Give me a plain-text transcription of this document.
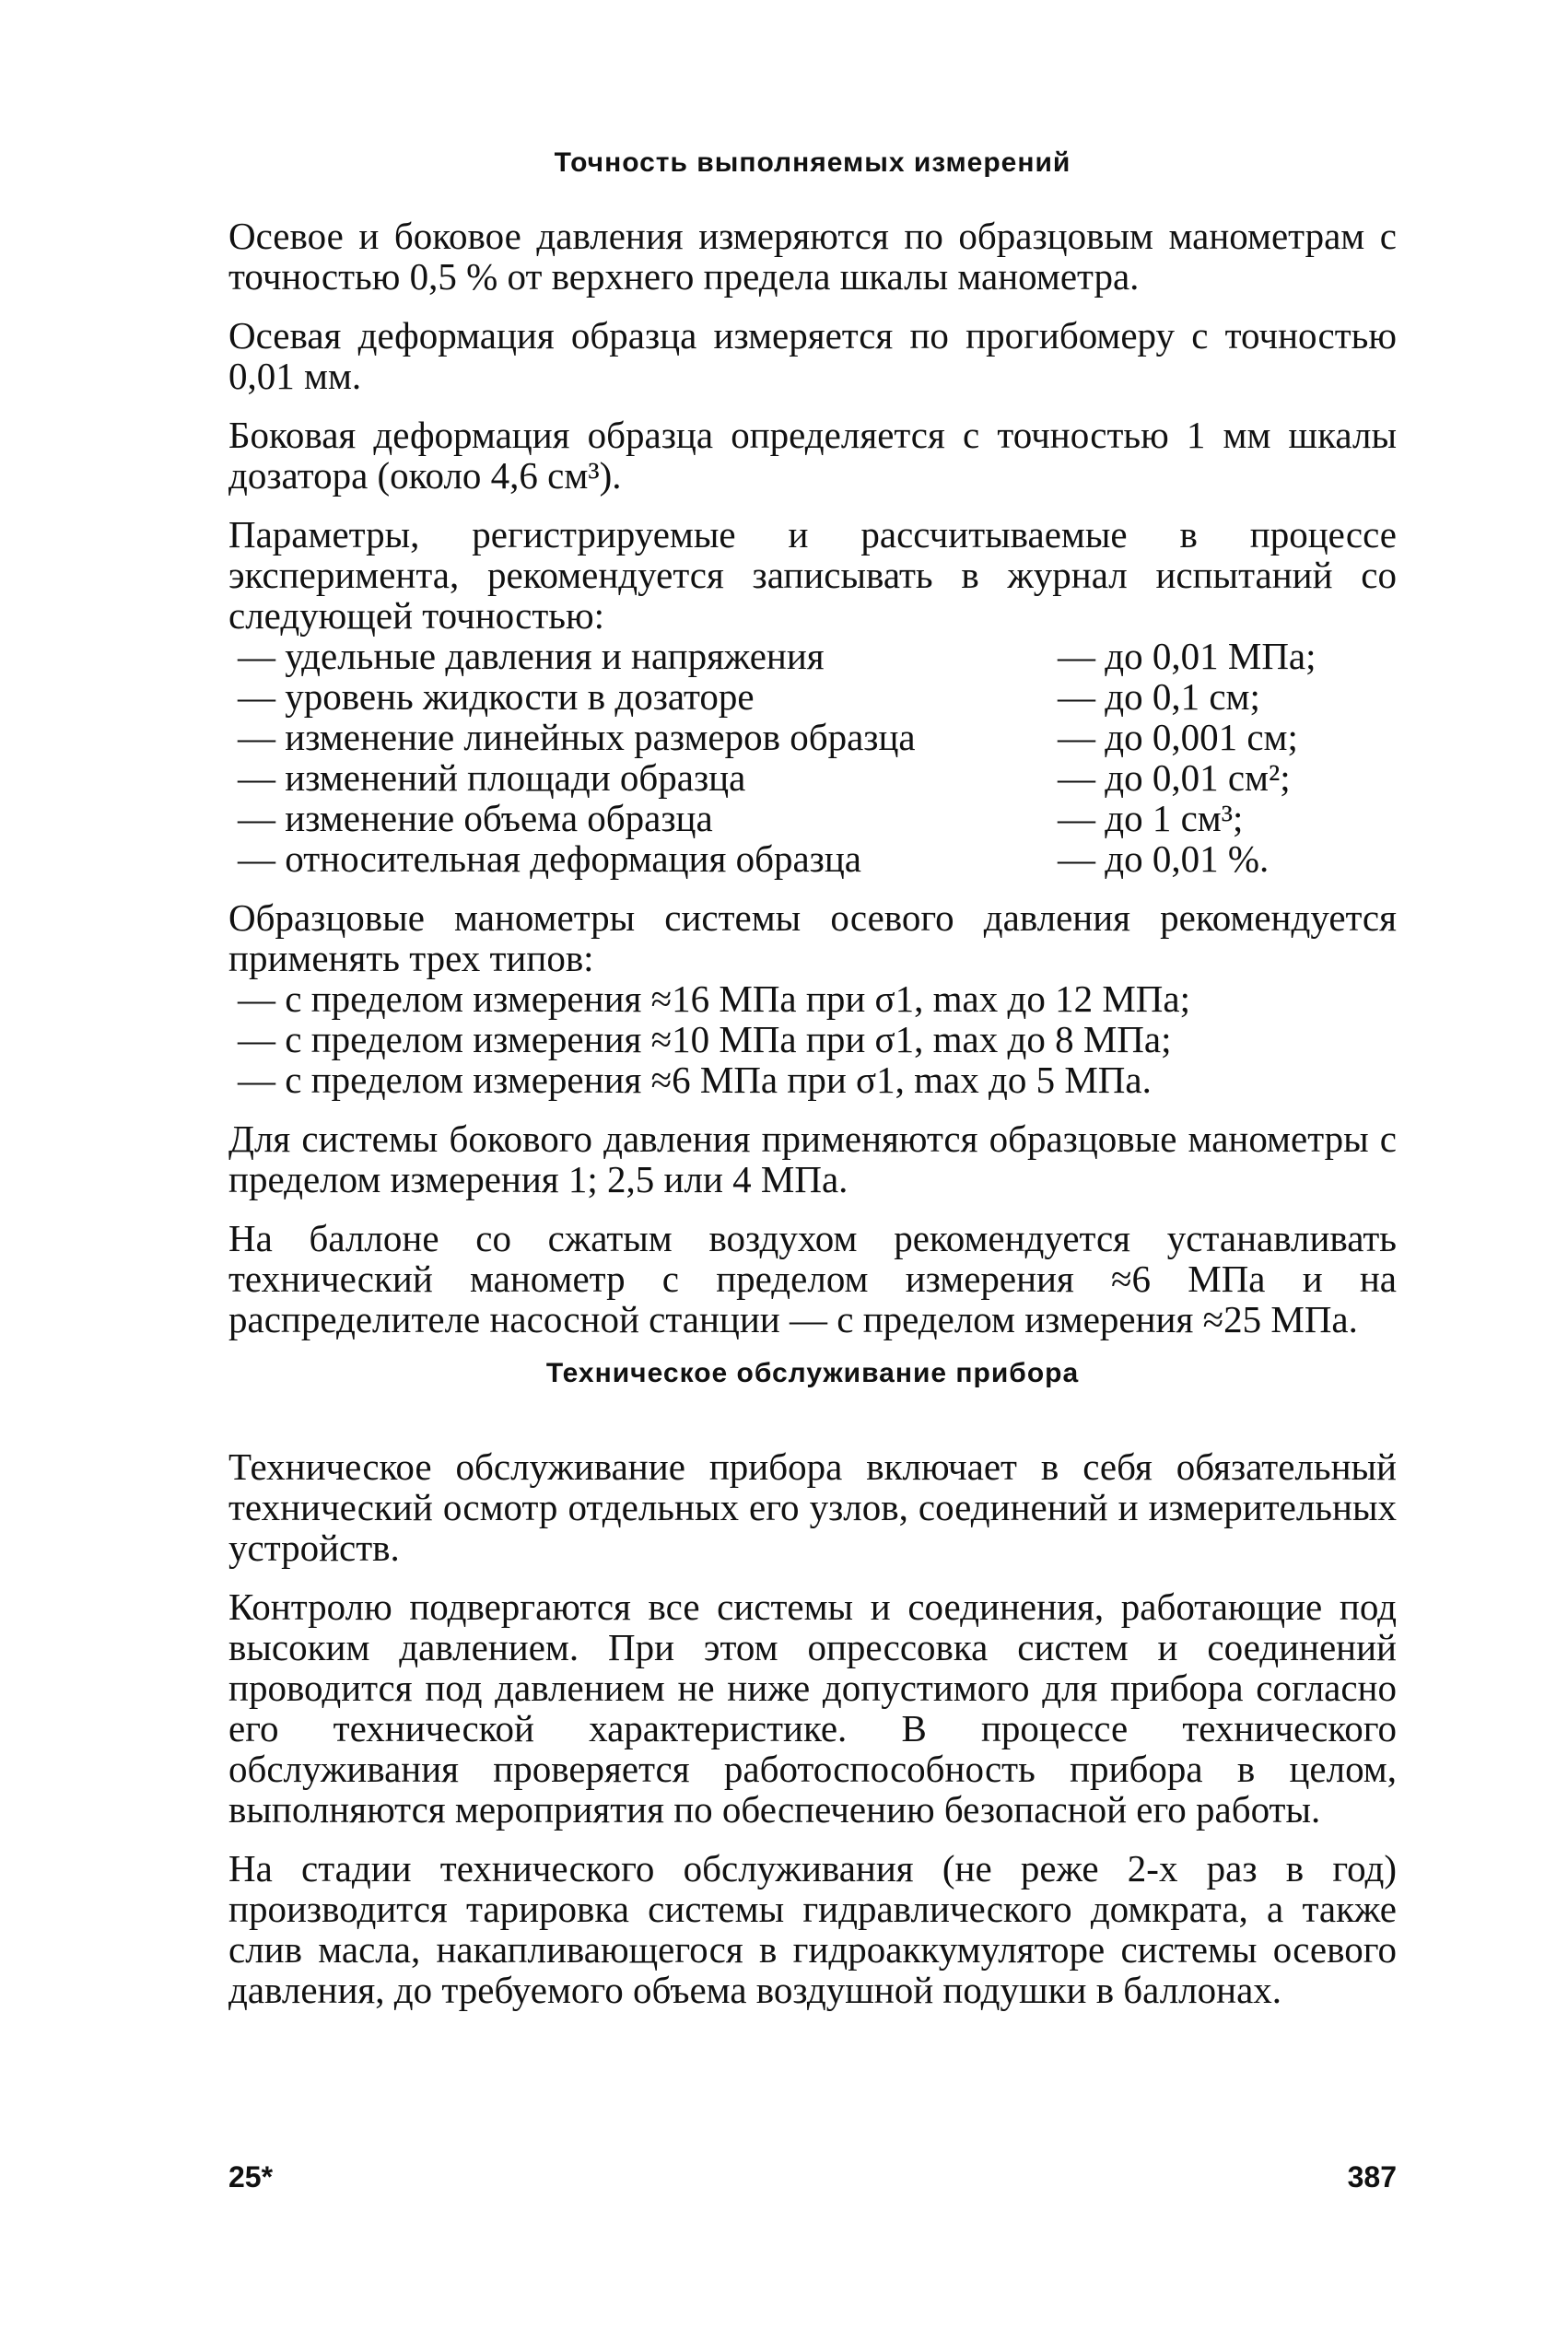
Точность выполняемых измерений

Осевое и боковое давления измеряются по образцовым манометрам с точностью 0,5 % от верхнего предела шкалы манометра.

Осевая деформация образца измеряется по прогибомеру с точностью 0,01 мм.

Боковая деформация образца определяется с точностью 1 мм шкалы дозатора (около 4,6 см³).

Параметры, регистрируемые и рассчитываемые в процессе эксперимента, рекомендуется записывать в журнал испытаний со следующей точностью:

— удельные давления и напряжения	— до 0,01 МПа;
— уровень жидкости в дозаторе	— до 0,1 см;
— изменение линейных размеров образца	— до 0,001 см;
— изменений площади образца	— до 0,01 см²;
— изменение объема образца	— до 1 см³;
— относительная деформация образца	— до 0,01 %.

Образцовые манометры системы осевого давления рекомендуется применять трех типов:

— с пределом измерения ≈16 МПа при σ1, max до 12 МПа;
— с пределом измерения ≈10 МПа при σ1, max до 8 МПа;
— с пределом измерения ≈6 МПа при σ1, max до 5 МПа.

Для системы бокового давления применяются образцовые манометры с пределом измерения 1; 2,5 или 4 МПа.

На баллоне со сжатым воздухом рекомендуется устанавливать технический манометр с пределом измерения ≈6 МПа и на распределителе насосной станции — с пределом измерения ≈25 МПа.

Техническое обслуживание прибора

Техническое обслуживание прибора включает в себя обязательный технический осмотр отдельных его узлов, соединений и измерительных устройств.

Контролю подвергаются все системы и соединения, работающие под высоким давлением. При этом опрессовка систем и соединений проводится под давлением не ниже допустимого для прибора согласно его технической характеристике. В процессе технического обслуживания проверяется работоспособность прибора в целом, выполняются мероприятия по обеспечению безопасной его работы.

На стадии технического обслуживания (не реже 2-х раз в год) производится тарировка системы гидравлического домкрата, а также слив масла, накапливающегося в гидроаккумуляторе системы осевого давления, до требуемого объема воздушной подушки в баллонах.

25*	387
